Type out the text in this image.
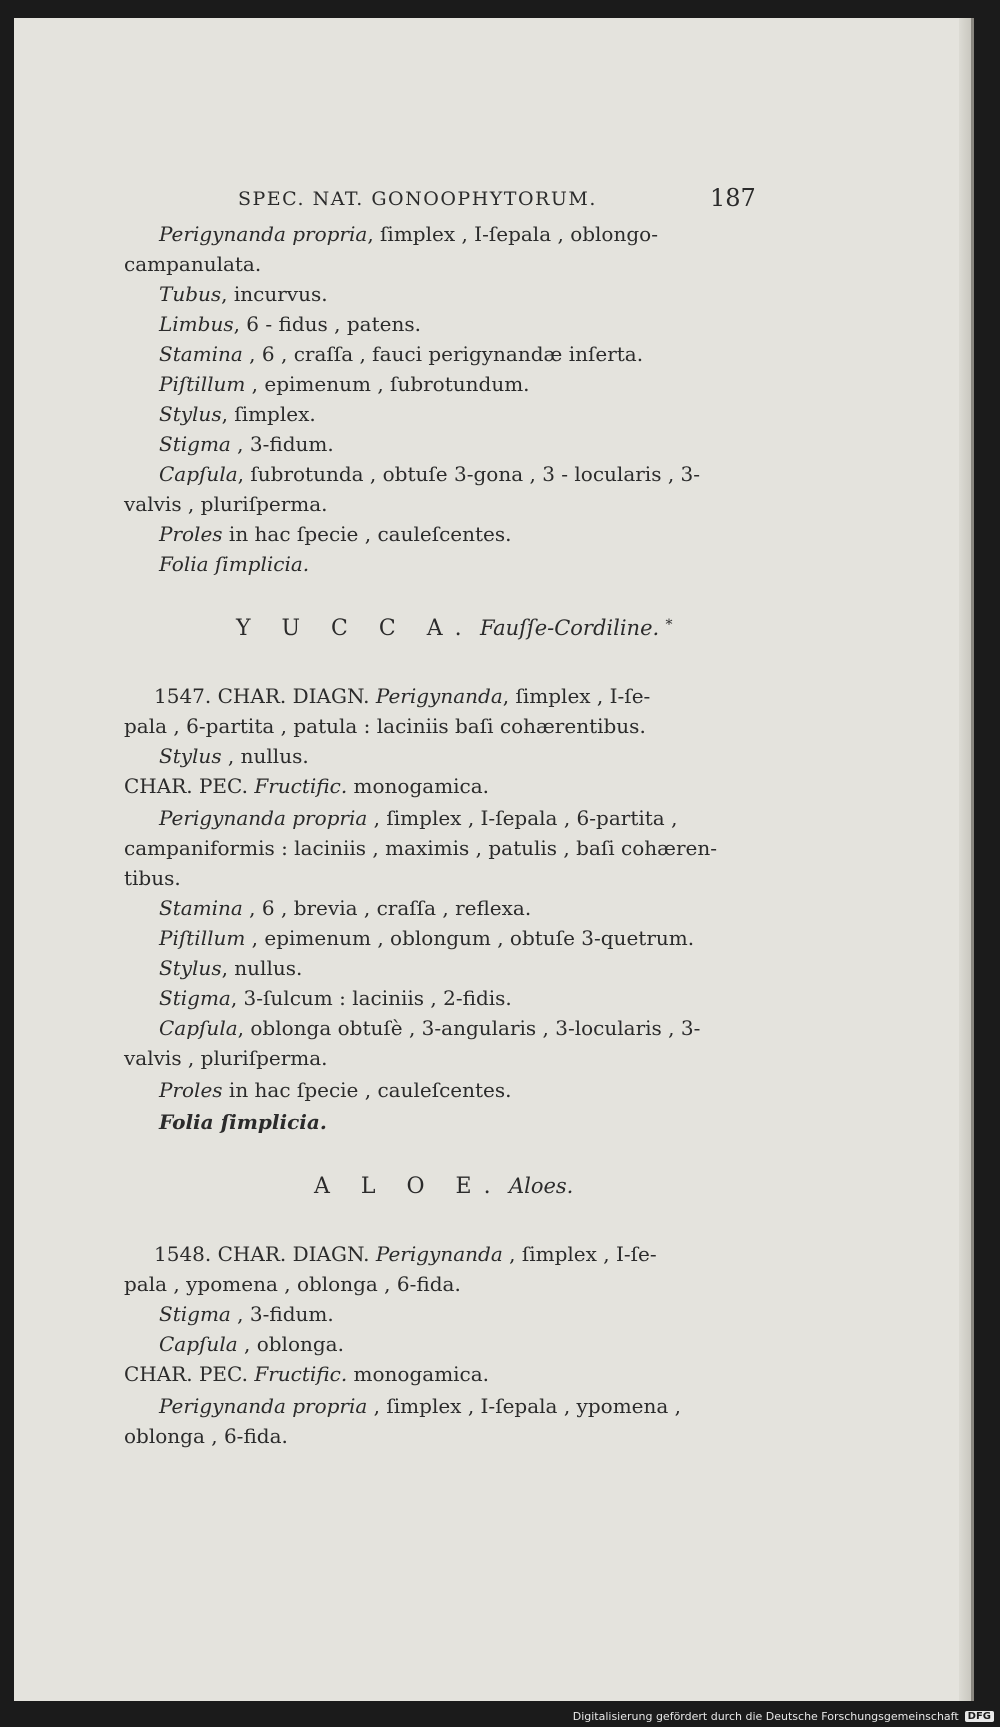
SPEC. NAT. GONOOPHYTORUM.	187
Perigynanda propria, ſimplex , I-ſepala , oblongo-
campanulata.
Tubus, incurvus.
Limbus, 6 - fidus , patens.
Stamina , 6 , craſſa , fauci perigynandæ inſerta.
Piſtillum , epimenum , ſubrotundum.
Stylus, ſimplex.
Stigma , 3-fidum.
Capſula, ſubrotunda , obtuſe 3-gona , 3 - locularis , 3-
valvis , pluriſperma.
Proles in hac ſpecie , cauleſcentes.
Folia ſimplicia.
Y U C C A. Fauſſe-Cordiline. *
1547. CHAR. DIAGN. Perigynanda, ſimplex , I-ſe-
pala , 6-partita , patula : laciniis baſi cohærentibus.
Stylus , nullus.
CHAR. PEC. Fructific. monogamica.
Perigynanda propria , ſimplex , I-ſepala , 6-partita ,
campaniformis : laciniis , maximis , patulis , baſi cohæren-
tibus.
Stamina , 6 , brevia , craſſa , reflexa.
Piſtillum , epimenum , oblongum , obtuſe 3-quetrum.
Stylus, nullus.
Stigma, 3-ſulcum : laciniis , 2-fidis.
Capſula, oblonga obtuſè , 3-angularis , 3-locularis , 3-
valvis , pluriſperma.
Proles in hac ſpecie , cauleſcentes.
Folia ſimplicia.
A L O E. Aloes.
1548. CHAR. DIAGN. Perigynanda , ſimplex , I-ſe-
pala , ypomena , oblonga , 6-fida.
Stigma , 3-fidum.
Capſula , oblonga.
CHAR. PEC. Fructific. monogamica.
Perigynanda propria , ſimplex , I-ſepala , ypomena ,
oblonga , 6-fida.
Digitalisierung gefördert durch die Deutsche Forschungsgemeinschaft DFG
